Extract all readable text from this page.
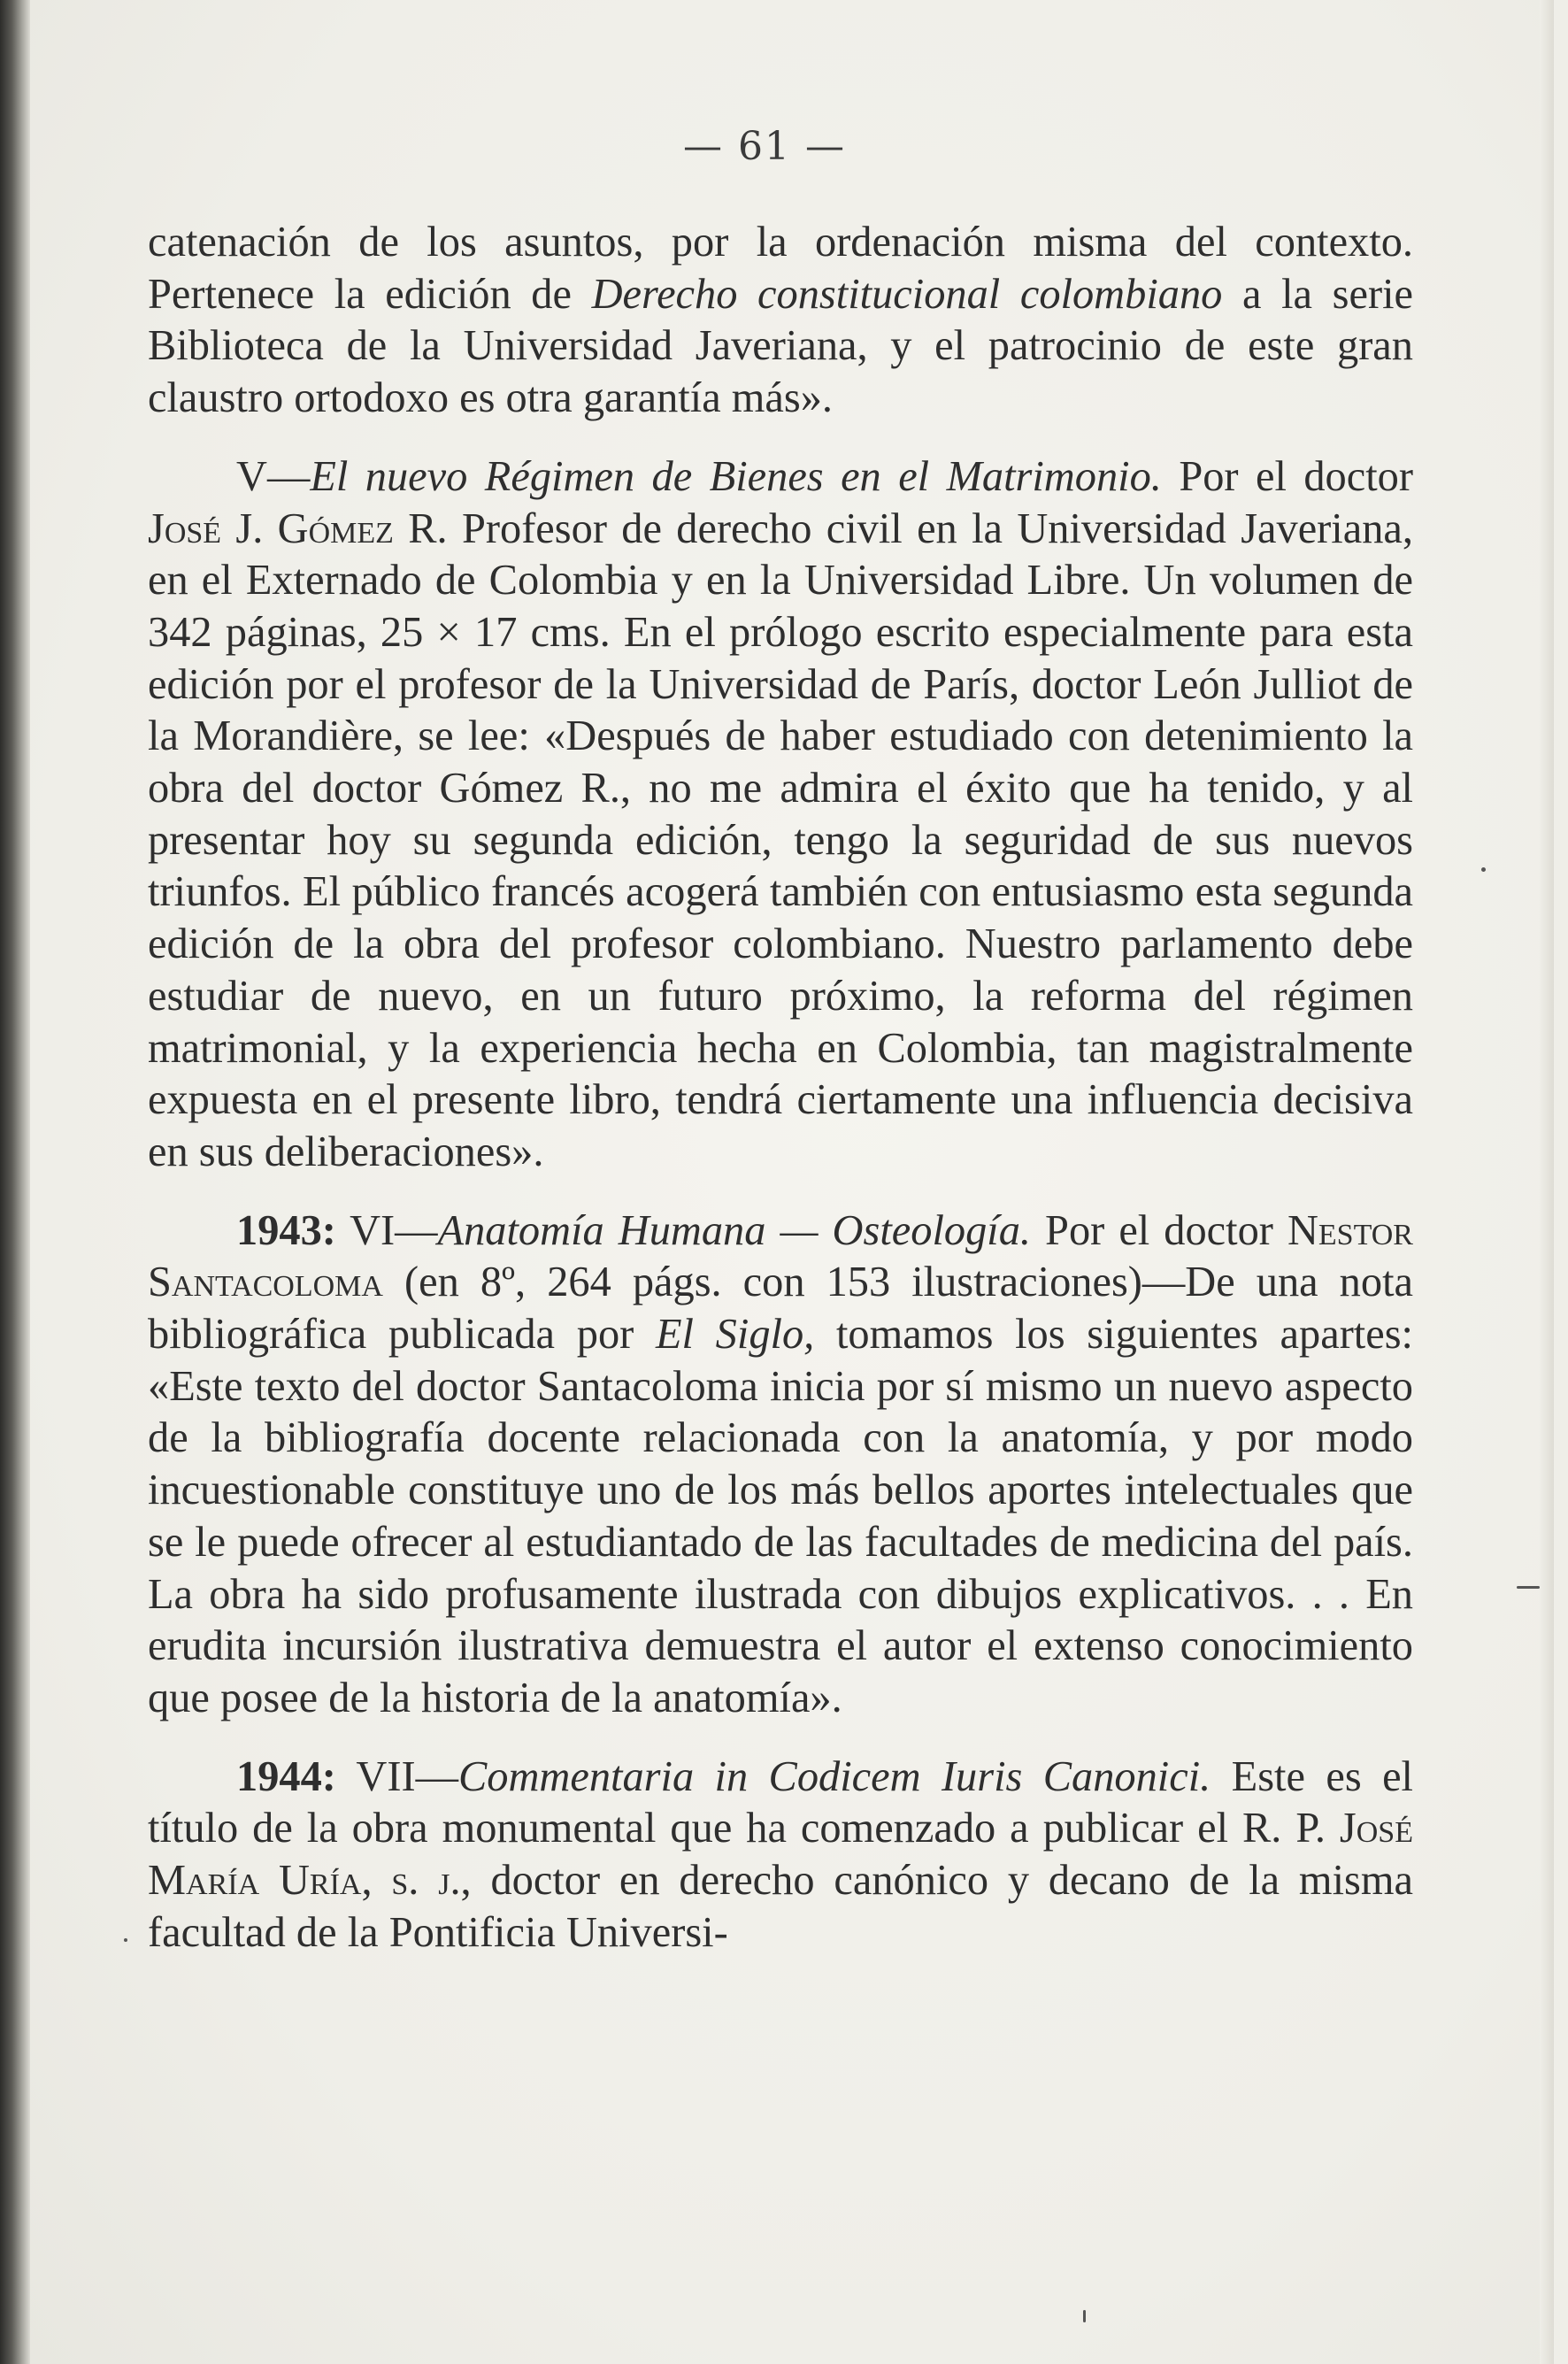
— 61 —

catenación de los asuntos, por la ordenación misma del contexto. Pertenece la edición de Derecho constitucional colombiano a la serie Biblioteca de la Universidad Javeriana, y el patrocinio de este gran claustro ortodoxo es otra garantía más».

V—El nuevo Régimen de Bienes en el Matrimonio. Por el doctor José J. Gómez R. Profesor de derecho civil en la Universidad Javeriana, en el Externado de Colombia y en la Universidad Libre. Un volumen de 342 páginas, 25 × 17 cms. En el prólogo escrito especialmente para esta edición por el profesor de la Universidad de París, doctor León Julliot de la Morandière, se lee: «Después de haber estudiado con detenimiento la obra del doctor Gómez R., no me admira el éxito que ha tenido, y al presentar hoy su segunda edición, tengo la seguridad de sus nuevos triunfos. El público francés acogerá también con entusiasmo esta segunda edición de la obra del profesor colombiano. Nuestro parlamento debe estudiar de nuevo, en un futuro próximo, la reforma del régimen matrimonial, y la experiencia hecha en Colombia, tan magistralmente expuesta en el presente libro, tendrá ciertamente una influencia decisiva en sus deliberaciones».

1943: VI—Anatomía Humana — Osteología. Por el doctor Nestor Santacoloma (en 8º, 264 págs. con 153 ilustraciones)—De una nota bibliográfica publicada por El Siglo, tomamos los siguientes apartes: «Este texto del doctor Santacoloma inicia por sí mismo un nuevo aspecto de la bibliografía docente relacionada con la anatomía, y por modo incuestionable constituye uno de los más bellos aportes intelectuales que se le puede ofrecer al estudiantado de las facultades de medicina del país. La obra ha sido profusamente ilustrada con dibujos explicativos. . . En erudita incursión ilustrativa demuestra el autor el extenso conocimiento que posee de la historia de la anatomía».

1944: VII—Commentaria in Codicem Iuris Canonici. Este es el título de la obra monumental que ha comenzado a publicar el R. P. José María Uría, s. j., doctor en derecho canónico y decano de la misma facultad de la Pontificia Universi-
